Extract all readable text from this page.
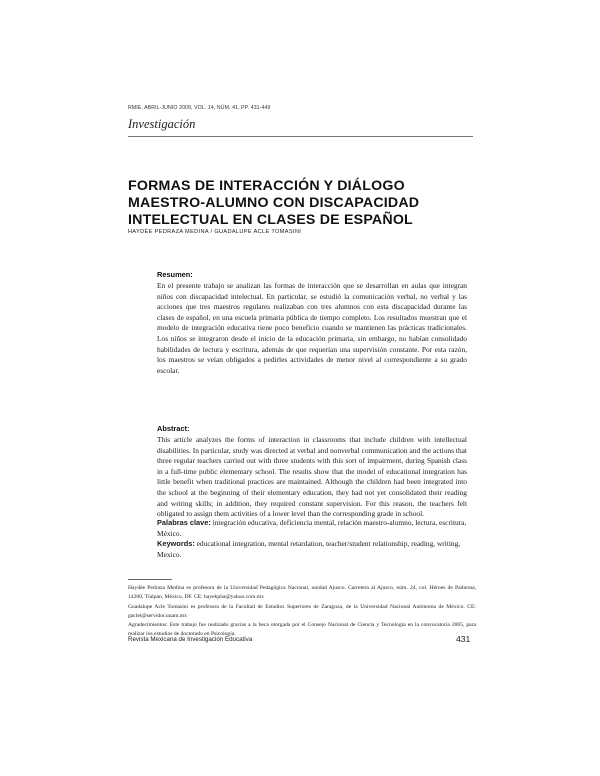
RMIE, ABRIL-JUNIO 2009, VOL. 14, NÚM. 41, PP. 431-449
Investigación
FORMAS DE INTERACCIÓN Y DIÁLOGO MAESTRO-ALUMNO CON DISCAPACIDAD INTELECTUAL EN CLASES DE ESPAÑOL
HAYDÉE PEDRAZA MEDINA / GUADALUPE ACLE TOMASINI
Resumen:

En el presente trabajo se analizan las formas de interacción que se desarrollan en aulas que integran niños con discapacidad intelectual. En particular, se estudió la comunicación verbal, no verbal y las acciones que tres maestros regulares realizaban con tres alumnos con esta discapacidad durante las clases de español, en una escuela primaria pública de tiempo completo. Los resultados muestran que el modelo de integración educativa tiene poco beneficio cuando se mantienen las prácticas tradicionales. Los niños se integraron desde el inicio de la educación primaria, sin embargo, no habían consolidado habilidades de lectura y escritura, además de que requerían una supervisión constante. Por esta razón, los maestros se veían obligados a pedirles actividades de menor nivel al correspondiente a su grado escolar.

Abstract:

This article analyzes the forms of interaction in classrooms that include children with intellectual disabilities. In particular, study was directed at verbal and nonverbal communication and the actions that three regular teachers carried out with three students with this sort of impairment, during Spanish class in a full-time public elementary school. The results show that the model of educational integration has little benefit when traditional practices are maintained. Although the children had been integrated into the school at the beginning of their elementary education, they had not yet consolidated their reading and writing skills; in addition, they required constant supervision. For this reason, the teachers felt obligated to assign them activities of a lower level than the corresponding grade in school.

Palabras clave: integración educativa, deficiencia mental, relación maestro-alumno, lectura, escritura, México.

Keywords: educational integration, mental retardation, teacher/student relationship, reading, writing, Mexico.

Haydée Pedraza Medina es profesora de la Universidad Pedagógica Nacional, unidad Ajusco. Carretera al Ajusco, núm. 24, col. Héroes de Padierna, 14200, Tlalpan, México, DF. CE: hayekpha@yahoo.com.mx

Guadalupe Acle Tomasini es profesora de la Facultad de Estudios Superiores de Zaragoza, de la Universidad Nacional Autónoma de México. CE: gaclet@servidor.unam.mx

Agradecimientos: Este trabajo fue realizado gracias a la beca otorgada por el Consejo Nacional de Ciencia y Tecnología en la convocatoria 2005, para realizar los estudios de doctorado en Psicología.

Revista Mexicana de Investigación Educativa	431
